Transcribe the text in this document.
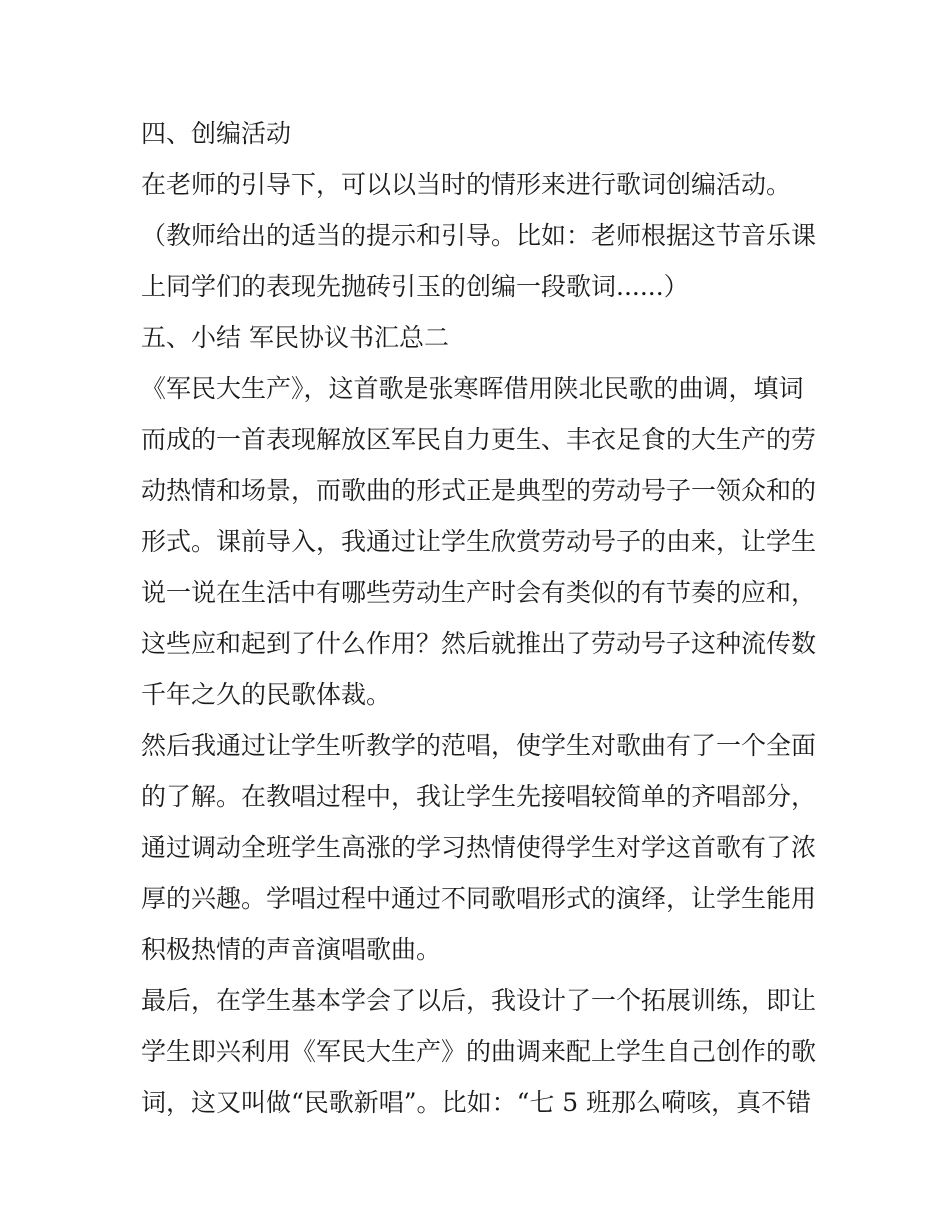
四、创编活动

在老师的引导下，可以以当时的情形来进行歌词创编活动。

（教师给出的适当的提示和引导。比如：老师根据这节音乐课

上同学们的表现先抛砖引玉的创编一段歌词......）

五、小结 军民协议书汇总二

《军民大生产》，这首歌是张寒晖借用陕北民歌的曲调，填词

而成的一首表现解放区军民自力更生、丰衣足食的大生产的劳

动热情和场景，而歌曲的形式正是典型的劳动号子一领众和的

形式。课前导入，我通过让学生欣赏劳动号子的由来，让学生

说一说在生活中有哪些劳动生产时会有类似的有节奏的应和，

这些应和起到了什么作用？然后就推出了劳动号子这种流传数

千年之久的民歌体裁。

然后我通过让学生听教学的范唱，使学生对歌曲有了一个全面

的了解。在教唱过程中，我让学生先接唱较简单的齐唱部分，

通过调动全班学生高涨的学习热情使得学生对学这首歌有了浓

厚的兴趣。学唱过程中通过不同歌唱形式的演绎，让学生能用

积极热情的声音演唱歌曲。

最后，在学生基本学会了以后，我设计了一个拓展训练，即让

学生即兴利用《军民大生产》的曲调来配上学生自己创作的歌

词，这又叫做“民歌新唱”。比如：“七 5 班那么嗬咳，真不错
